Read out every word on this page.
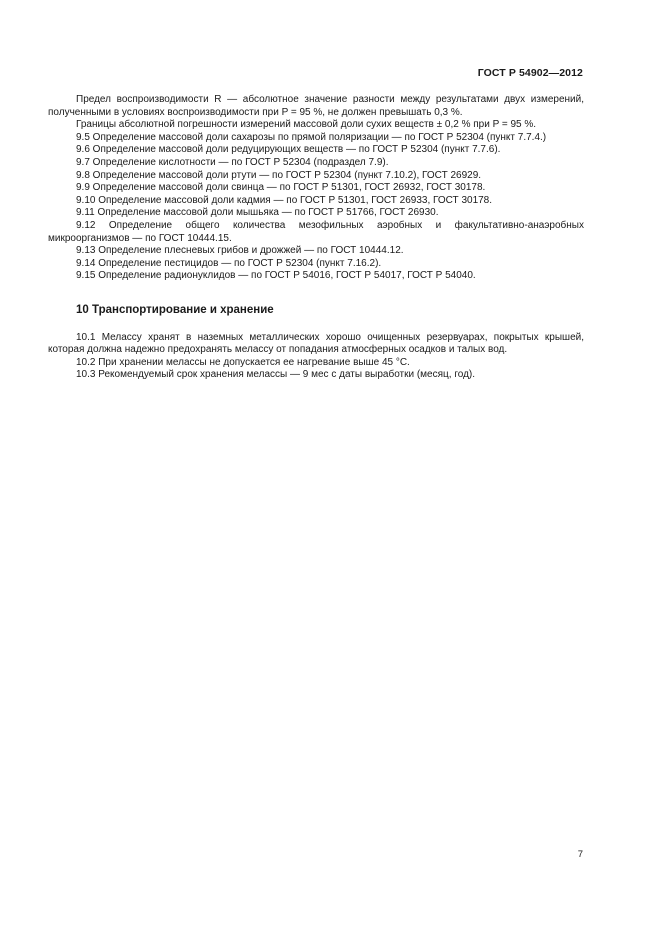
ГОСТ Р 54902—2012

Предел воспроизводимости R — абсолютное значение разности между результатами двух измерений, полученными в условиях воспроизводимости при P = 95 %, не должен превышать 0,3 %.

Границы абсолютной погрешности измерений массовой доли сухих веществ ± 0,2 % при P = 95 %.

9.5 Определение массовой доли сахарозы по прямой поляризации — по ГОСТ Р 52304 (пункт 7.7.4.)

9.6 Определение массовой доли редуцирующих веществ — по ГОСТ Р 52304 (пункт 7.7.6).

9.7 Определение кислотности — по ГОСТ Р 52304 (подраздел 7.9).

9.8 Определение массовой доли ртути — по ГОСТ Р 52304 (пункт 7.10.2), ГОСТ 26929.

9.9 Определение массовой доли свинца — по ГОСТ Р 51301, ГОСТ 26932, ГОСТ 30178.

9.10 Определение массовой доли кадмия — по ГОСТ Р 51301, ГОСТ 26933, ГОСТ 30178.

9.11 Определение массовой доли мышьяка — по ГОСТ Р 51766, ГОСТ 26930.

9.12 Определение общего количества мезофильных аэробных и факультативно-анаэробных микроорганизмов — по ГОСТ 10444.15.

9.13 Определение плесневых грибов и дрожжей — по ГОСТ 10444.12.

9.14 Определение пестицидов — по ГОСТ Р 52304 (пункт 7.16.2).

9.15 Определение радионуклидов — по ГОСТ Р 54016, ГОСТ Р 54017, ГОСТ Р 54040.

10 Транспортирование и хранение

10.1 Мелассу хранят в наземных металлических хорошо очищенных резервуарах, покрытых крышей, которая должна надежно предохранять мелассу от попадания атмосферных осадков и талых вод.

10.2 При хранении мелассы не допускается ее нагревание выше 45 °С.

10.3 Рекомендуемый срок хранения мелассы — 9 мес с даты выработки (месяц, год).

7
